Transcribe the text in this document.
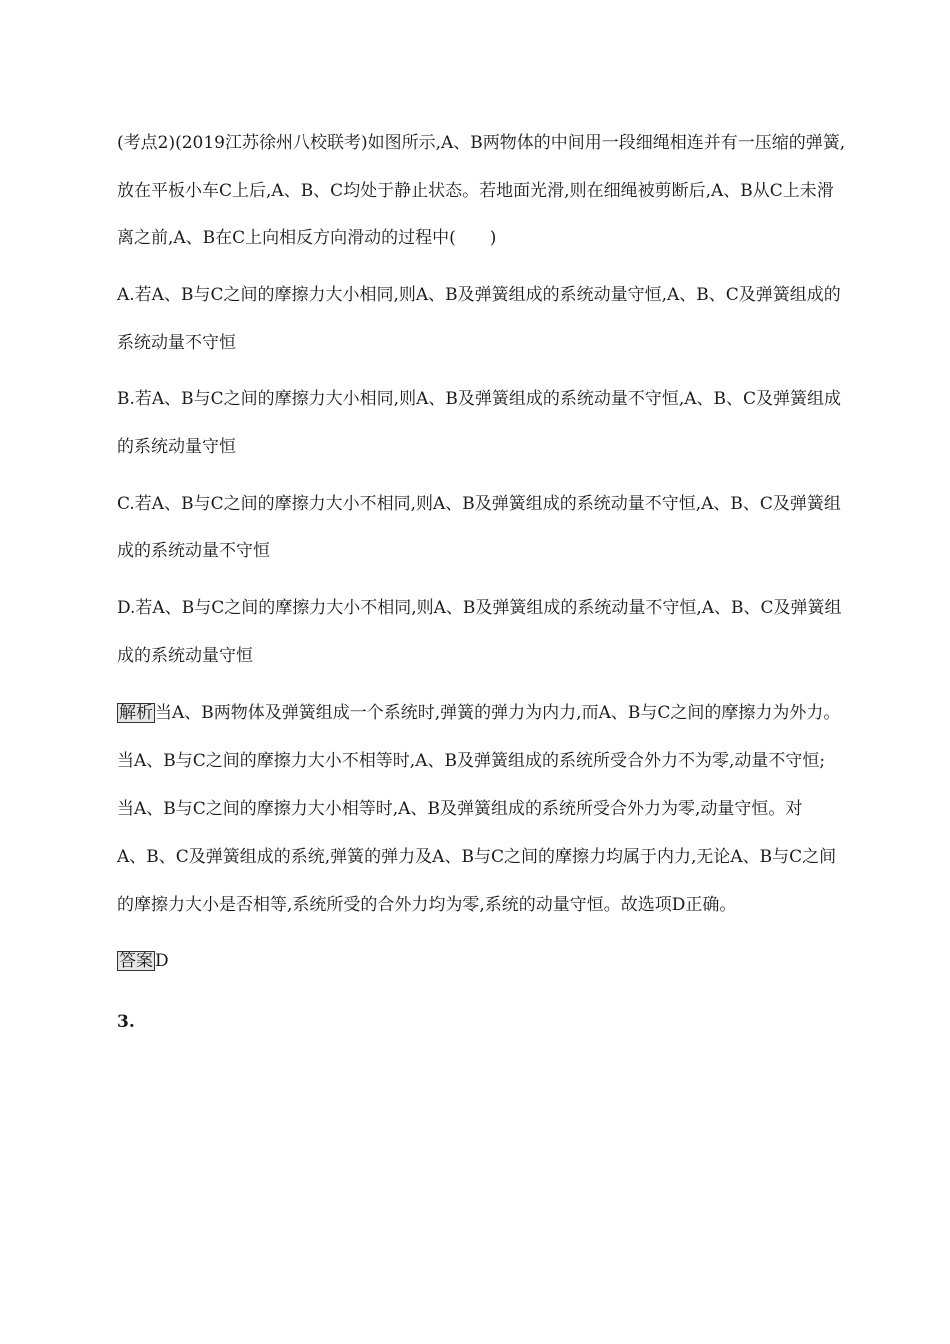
(考点2)(2019江苏徐州八校联考)如图所示,A、B两物体的中间用一段细绳相连并有一压缩的弹簧,
放在平板小车C上后,A、B、C均处于静止状态。若地面光滑,则在细绳被剪断后,A、B从C上未滑
离之前,A、B在C上向相反方向滑动的过程中(　　)
A.若A、B与C之间的摩擦力大小相同,则A、B及弹簧组成的系统动量守恒,A、B、C及弹簧组成的
系统动量不守恒
B.若A、B与C之间的摩擦力大小相同,则A、B及弹簧组成的系统动量不守恒,A、B、C及弹簧组成
的系统动量守恒
C.若A、B与C之间的摩擦力大小不相同,则A、B及弹簧组成的系统动量不守恒,A、B、C及弹簧组
成的系统动量不守恒
D.若A、B与C之间的摩擦力大小不相同,则A、B及弹簧组成的系统动量不守恒,A、B、C及弹簧组
成的系统动量守恒
解析 当A、B两物体及弹簧组成一个系统时,弹簧的弹力为内力,而A、B与C之间的摩擦力为外力。
当A、B与C之间的摩擦力大小不相等时,A、B及弹簧组成的系统所受合外力不为零,动量不守恒;
当A、B与C之间的摩擦力大小相等时,A、B及弹簧组成的系统所受合外力为零,动量守恒。对
A、B、C及弹簧组成的系统,弹簧的弹力及A、B与C之间的摩擦力均属于内力,无论A、B与C之间
的摩擦力大小是否相等,系统所受的合外力均为零,系统的动量守恒。故选项D正确。
答案 D
3.
